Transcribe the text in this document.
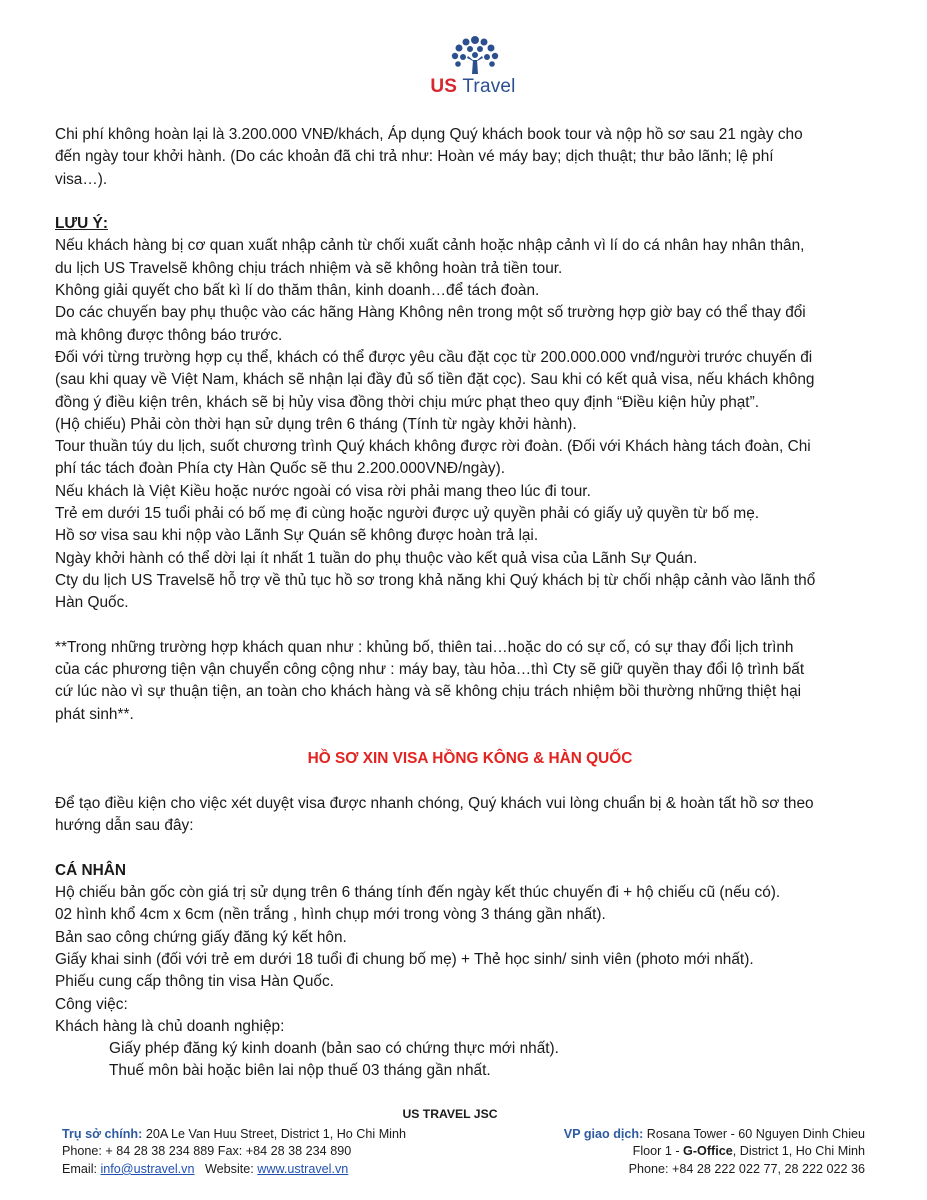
US Travel

Chi phí không hoàn lại là 3.200.000 VNĐ/khách, Áp dụng Quý khách book tour và nộp hồ sơ sau 21 ngày cho

đến ngày tour khởi hành. (Do các khoản đã chi trả như: Hoàn vé máy bay; dịch thuật; thư bảo lãnh; lệ phí

visa…).

LƯU Ý:

Nếu khách hàng bị cơ quan xuất nhập cảnh từ chối xuất cảnh hoặc nhập cảnh vì lí do cá nhân hay nhân thân,

du lịch US Travelsẽ không chịu trách nhiệm và sẽ không hoàn trả tiền tour.

Không giải quyết cho bất kì lí do thăm thân, kinh doanh…để tách đoàn.

Do các chuyến bay phụ thuộc vào các hãng Hàng Không nên trong một số trường hợp giờ bay có thể thay đổi

mà không được thông báo trước.

Đối với từng trường hợp cụ thể, khách có thể được yêu cầu đặt cọc từ 200.000.000 vnđ/người trước chuyến đi

(sau khi quay về Việt Nam, khách sẽ nhận lại đầy đủ số tiền đặt cọc). Sau khi có kết quả visa, nếu khách không

đồng ý điều kiện trên, khách sẽ bị hủy visa đồng thời chịu mức phạt theo quy định “Điều kiện hủy phạt”.

(Hộ chiếu) Phải còn thời hạn sử dụng trên 6 tháng (Tính từ ngày khởi hành).

Tour thuần túy du lịch, suốt chương trình Quý khách không được rời đoàn. (Đối với Khách hàng tách đoàn, Chi

phí tác tách đoàn Phía cty Hàn Quốc sẽ thu 2.200.000VNĐ/ngày).

Nếu khách là Việt Kiều hoặc nước ngoài có visa rời phải mang theo lúc đi tour.

Trẻ em dưới 15 tuổi phải có bố mẹ đi cùng hoặc người được uỷ quyền phải có giấy uỷ quyền từ bố mẹ.

Hồ sơ visa sau khi nộp vào Lãnh Sự Quán sẽ không được hoàn trả lại.

Ngày khởi hành có thể dời lại ít nhất 1 tuần do phụ thuộc vào kết quả visa của Lãnh Sự Quán.

Cty du lịch US Travelsẽ hỗ trợ về thủ tục hồ sơ trong khả năng khi Quý khách bị từ chối nhập cảnh vào lãnh thổ

Hàn Quốc.

**Trong những trường hợp khách quan như : khủng bố, thiên tai…hoặc do có sự cố, có sự thay đổi lịch trình

của các phương tiện vận chuyển công cộng như : máy bay, tàu hỏa…thì Cty sẽ giữ quyền thay đổi lộ trình bất

cứ lúc nào vì sự thuận tiện, an toàn cho khách hàng và sẽ không chịu trách nhiệm bồi thường những thiệt hại

phát sinh**.

HỒ SƠ XIN VISA HỒNG KÔNG & HÀN QUỐC

Để tạo điều kiện cho việc xét duyệt visa được nhanh chóng, Quý khách vui lòng chuẩn bị & hoàn tất hồ sơ theo

hướng dẫn sau đây:

CÁ NHÂN

Hộ chiếu bản gốc còn giá trị sử dụng trên 6 tháng tính đến ngày kết thúc chuyến đi + hộ chiếu cũ (nếu có).

02 hình khổ 4cm x 6cm (nền trắng , hình chụp mới trong vòng 3 tháng gần nhất).

Bản sao công chứng giấy đăng ký kết hôn.

Giấy khai sinh (đối với trẻ em dưới 18 tuổi đi chung bố mẹ) + Thẻ học sinh/ sinh viên (photo mới nhất).

Phiếu cung cấp thông tin visa Hàn Quốc.

Công việc:

Khách hàng là chủ doanh nghiệp:

Giấy phép đăng ký kinh doanh (bản sao có chứng thực mới nhất).

Thuế môn bài hoặc biên lai nộp thuế 03 tháng gần nhất.

US TRAVEL JSC
Trụ sở chính: 20A Le Van Huu Street, District 1, Ho Chi Minh
Phone: + 84 28 38 234 889 Fax: +84 28 38 234 890
Email: info@ustravel.vn   Website: www.ustravel.vn
VP giao dịch: Rosana Tower - 60 Nguyen Dinh Chieu
Floor 1 - G-Office, District 1, Ho Chi Minh
Phone: +84 28 222 022 77, 28 222 022 36
